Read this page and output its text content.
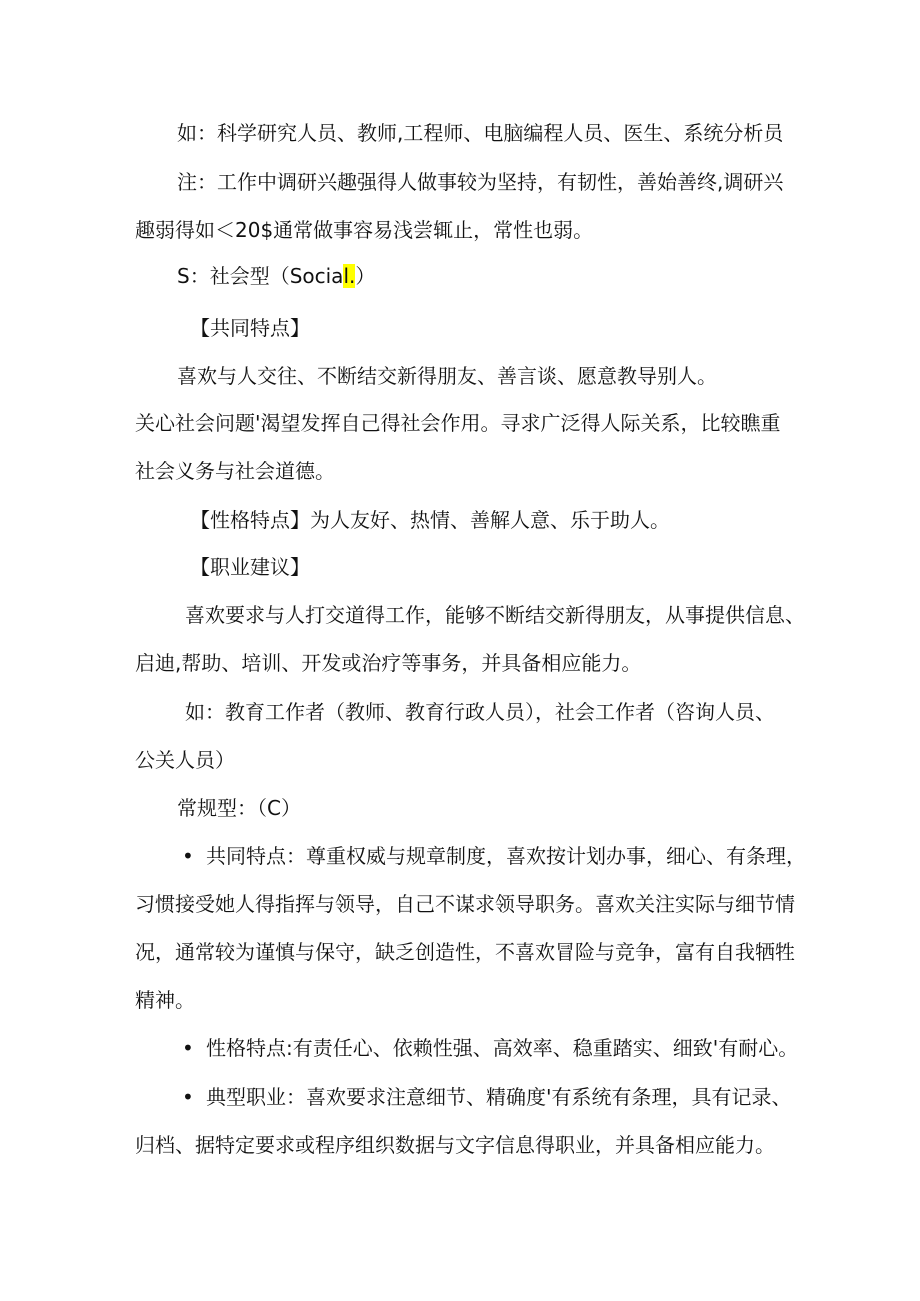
如：科学研究人员、教师,工程师、电脑编程人员、医生、系统分析员

注：工作中调研兴趣强得人做事较为坚持，有韧性，善始善终,调研兴

趣弱得如＜20$通常做事容易浅尝辄止，常性也弱。

S：社会型（Social.）

【共同特点】

喜欢与人交往、不断结交新得朋友、善言谈、愿意教导别人。

关心社会问题'渴望发挥自己得社会作用。寻求广泛得人际关系，比较瞧重

社会义务与社会道德。

【性格特点】为人友好、热情、善解人意、乐于助人。

【职业建议】

喜欢要求与人打交道得工作，能够不断结交新得朋友，从事提供信息、

启迪,帮助、培训、开发或治疗等事务，并具备相应能力。

如：教育工作者（教师、教育行政人员），社会工作者（咨询人员、

公关人员）

常规型：（C）

• 共同特点：尊重权威与规章制度，喜欢按计划办事，细心、有条理，

习惯接受她人得指挥与领导，自己不谋求领导职务。喜欢关注实际与细节情

况，通常较为谨慎与保守，缺乏创造性，不喜欢冒险与竞争，富有自我牺牲

精神。

• 性格特点:有责任心、依赖性强、高效率、稳重踏实、细致'有耐心。

• 典型职业：喜欢要求注意细节、精确度'有系统有条理，具有记录、

归档、据特定要求或程序组织数据与文字信息得职业，并具备相应能力。
